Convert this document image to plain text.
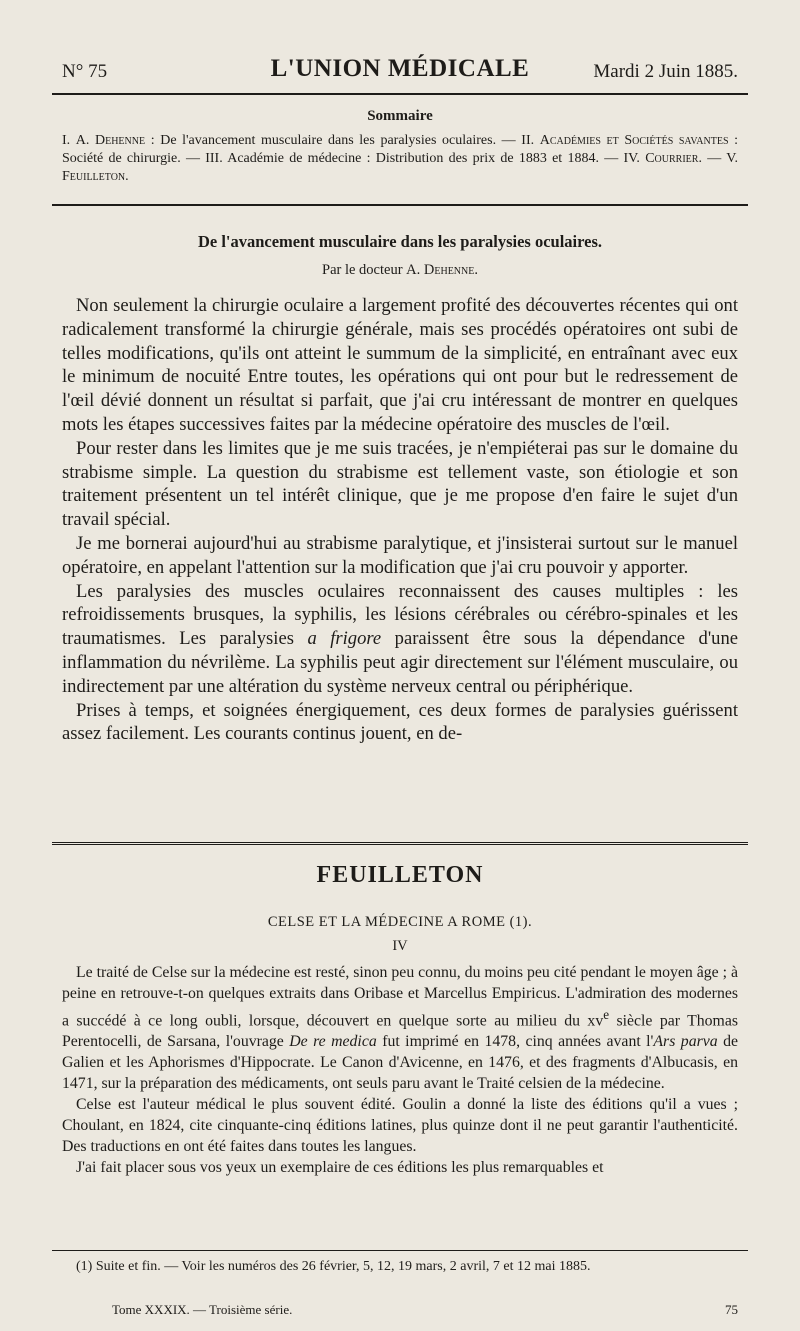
N° 75	L'UNION MÉDICALE	Mardi 2 Juin 1885.
Sommaire
I. A. Dehenne : De l'avancement musculaire dans les paralysies oculaires. — II. Académies et Sociétés savantes : Société de chirurgie. — III. Académie de médecine : Distribution des prix de 1883 et 1884. — IV. Courrier. — V. Feuilleton.
De l'avancement musculaire dans les paralysies oculaires.
Par le docteur A. Dehenne.

Non seulement la chirurgie oculaire a largement profité des découvertes récentes qui ont radicalement transformé la chirurgie générale, mais ses procédés opératoires ont subi de telles modifications, qu'ils ont atteint le summum de la simplicité, en entraînant avec eux le minimum de nocuité Entre toutes, les opérations qui ont pour but le redressement de l'œil dévié donnent un résultat si parfait, que j'ai cru intéressant de montrer en quelques mots les étapes successives faites par la médecine opératoire des muscles de l'œil.

Pour rester dans les limites que je me suis tracées, je n'empiéterai pas sur le domaine du strabisme simple. La question du strabisme est tellement vaste, son étiologie et son traitement présentent un tel intérêt clinique, que je me propose d'en faire le sujet d'un travail spécial.

Je me bornerai aujourd'hui au strabisme paralytique, et j'insisterai surtout sur le manuel opératoire, en appelant l'attention sur la modification que j'ai cru pouvoir y apporter.

Les paralysies des muscles oculaires reconnaissent des causes multiples : les refroidissements brusques, la syphilis, les lésions cérébrales ou cérébro-spinales et les traumatismes. Les paralysies a frigore paraissent être sous la dépendance d'une inflammation du névrilème. La syphilis peut agir directement sur l'élément musculaire, ou indirectement par une altération du système nerveux central ou périphérique.

Prises à temps, et soignées énergiquement, ces deux formes de paralysies guérissent assez facilement. Les courants continus jouent, en de-

FEUILLETON
CELSE ET LA MÉDECINE A ROME (1).
IV

Le traité de Celse sur la médecine est resté, sinon peu connu, du moins peu cité pendant le moyen âge ; à peine en retrouve-t-on quelques extraits dans Oribase et Marcellus Empiricus. L'admiration des modernes a succédé à ce long oubli, lorsque, découvert en quelque sorte au milieu du $xv^e$ siècle par Thomas Perentocelli, de Sarsana, l'ouvrage De re medica fut imprimé en 1478, cinq années avant l'Ars parva de Galien et les Aphorismes d'Hippocrate. Le Canon d'Avicenne, en 1476, et des fragments d'Albucasis, en 1471, sur la préparation des médicaments, ont seuls paru avant le Traité celsien de la médecine.

Celse est l'auteur médical le plus souvent édité. Goulin a donné la liste des éditions qu'il a vues ; Choulant, en 1824, cite cinquante-cinq éditions latines, plus quinze dont il ne peut garantir l'authenticité. Des traductions en ont été faites dans toutes les langues.

J'ai fait placer sous vos yeux un exemplaire de ces éditions les plus remarquables et

(1) Suite et fin. — Voir les numéros des 26 février, 5, 12, 19 mars, 2 avril, 7 et 12 mai 1885.

Tome XXXIX. — Troisième série.	75
